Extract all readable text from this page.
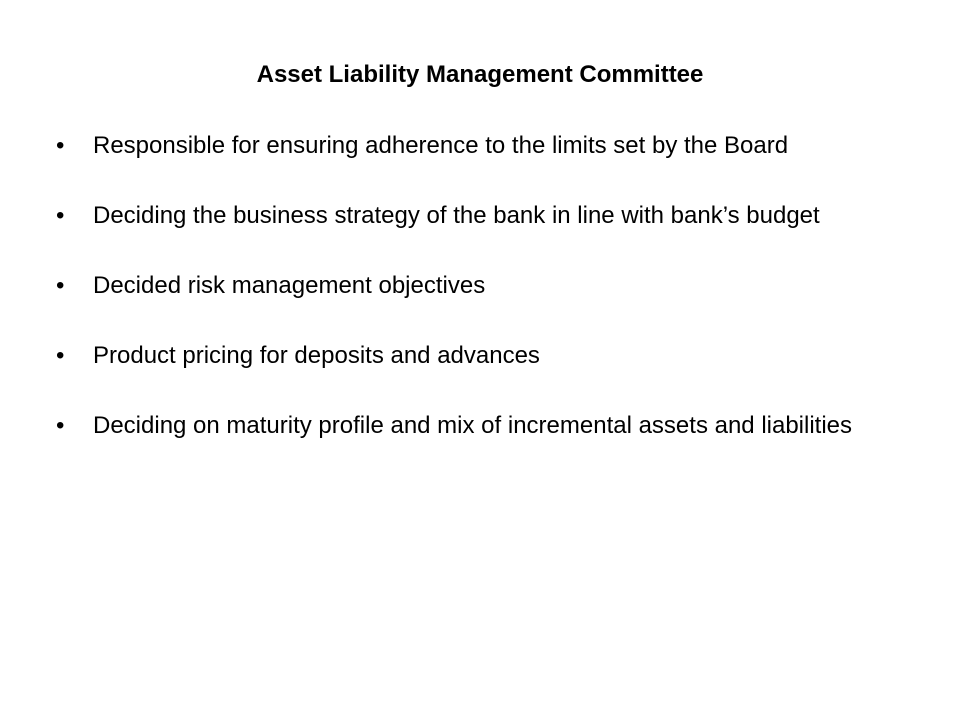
Asset Liability Management Committee
•	Responsible for ensuring adherence to the limits set by the Board
•	Deciding the business strategy of the bank in line with bank’s budget
•	Decided risk management objectives
•	Product pricing for deposits and advances
•	Deciding on maturity profile and mix of incremental assets and liabilities
